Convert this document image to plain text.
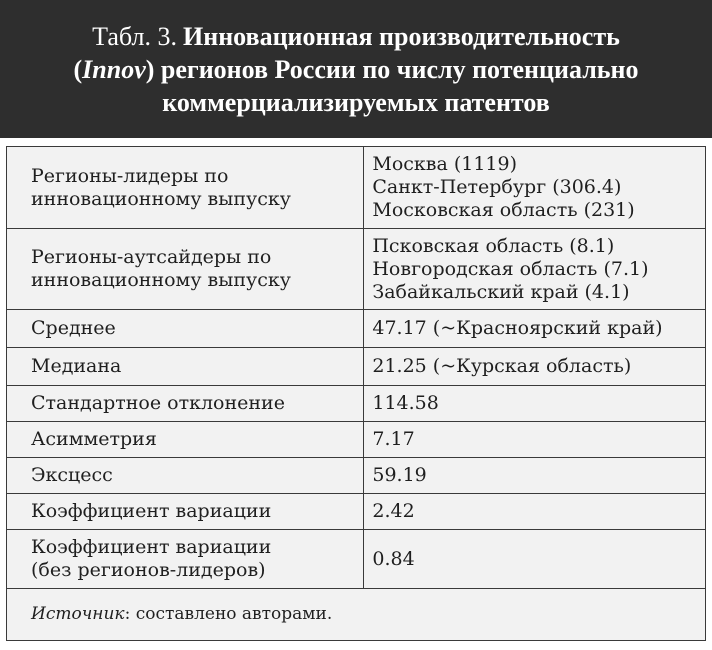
Табл. 3. Инновационная производительность
(Innov) регионов России по числу потенциально
коммерциализируемых патентов
Регионы-лидеры по
инновационному выпуску	Москва (1119)
Санкт-Петербург (306.4)
Московская область (231)

Регионы-аутсайдеры по
инновационному выпуску	Псковская область (8.1)
Новгородская область (7.1)
Забайкальский край (4.1)

Среднее	47.17 (~Красноярский край)

Медиана	21.25 (~Курская область)

Стандартное отклонение	114.58

Асимметрия	7.17

Эксцесс	59.19

Коэффициент вариации	2.42

Коэффициент вариации
(без регионов-лидеров)	0.84

Источник: составлено авторами.	
